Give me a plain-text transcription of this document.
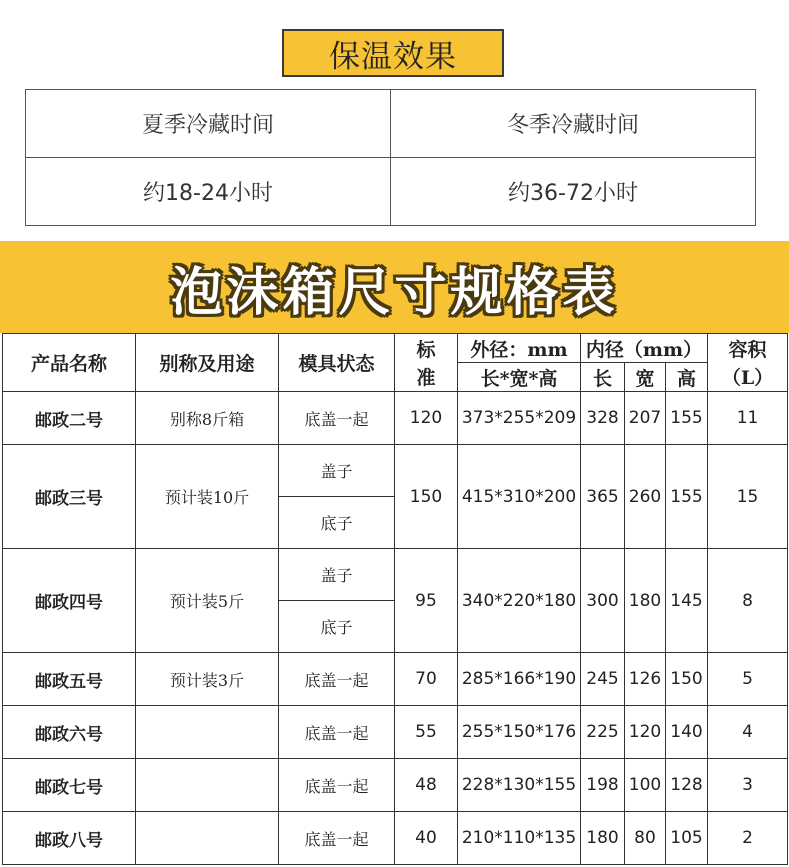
保温效果
夏季冷藏时间	冬季冷藏时间
约18-24小时	约36-72小时
泡沫箱尺寸规格表
产品名称	别称及用途	模具状态	标	外径：mm	内径（mm）			容积
			准	长*宽*高	长	宽	高	（L）
邮政二号	别称8斤箱	底盖一起	120	373*255*209	328	207	155	11
邮政三号	预计装10斤	盖子	150	415*310*200	365	260	155	15
		底子						
邮政四号	预计装5斤	盖子	95	340*220*180	300	180	145	8
		底子						
邮政五号	预计装3斤	底盖一起	70	285*166*190	245	126	150	5
邮政六号		底盖一起	55	255*150*176	225	120	140	4
邮政七号		底盖一起	48	228*130*155	198	100	128	3
邮政八号		底盖一起	40	210*110*135	180	80	105	2
